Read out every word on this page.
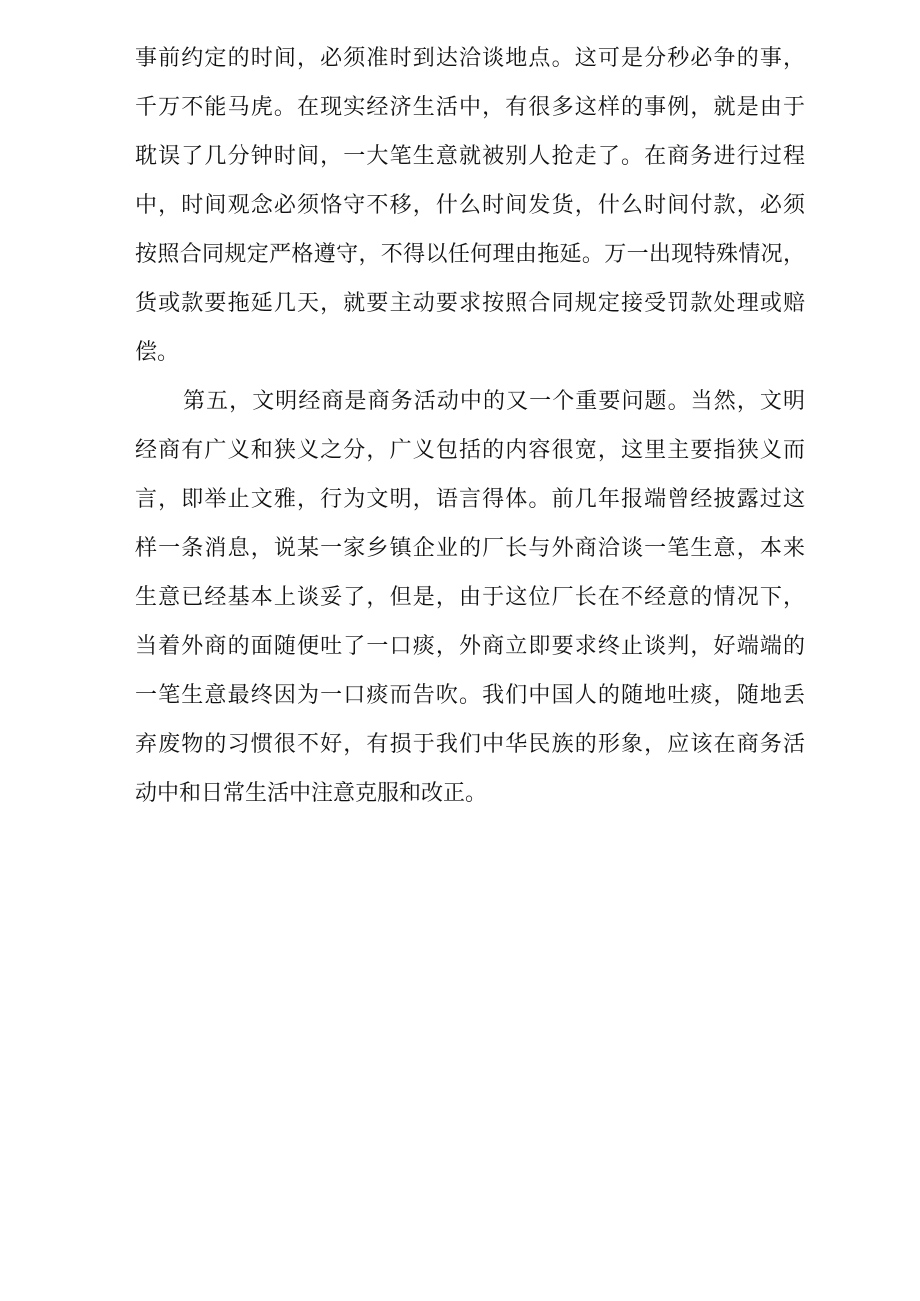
事前约定的时间，必须准时到达洽谈地点。这可是分秒必争的事，
千万不能马虎。在现实经济生活中，有很多这样的事例，就是由于
耽误了几分钟时间，一大笔生意就被别人抢走了。在商务进行过程
中，时间观念必须恪守不移，什么时间发货，什么时间付款，必须
按照合同规定严格遵守，不得以任何理由拖延。万一出现特殊情况，
货或款要拖延几天，就要主动要求按照合同规定接受罚款处理或赔
偿。
第五，文明经商是商务活动中的又一个重要问题。当然，文明
经商有广义和狭义之分，广义包括的内容很宽，这里主要指狭义而
言，即举止文雅，行为文明，语言得体。前几年报端曾经披露过这
样一条消息，说某一家乡镇企业的厂长与外商洽谈一笔生意，本来
生意已经基本上谈妥了，但是，由于这位厂长在不经意的情况下，
当着外商的面随便吐了一口痰，外商立即要求终止谈判，好端端的
一笔生意最终因为一口痰而告吹。我们中国人的随地吐痰，随地丢
弃废物的习惯很不好，有损于我们中华民族的形象，应该在商务活
动中和日常生活中注意克服和改正。
